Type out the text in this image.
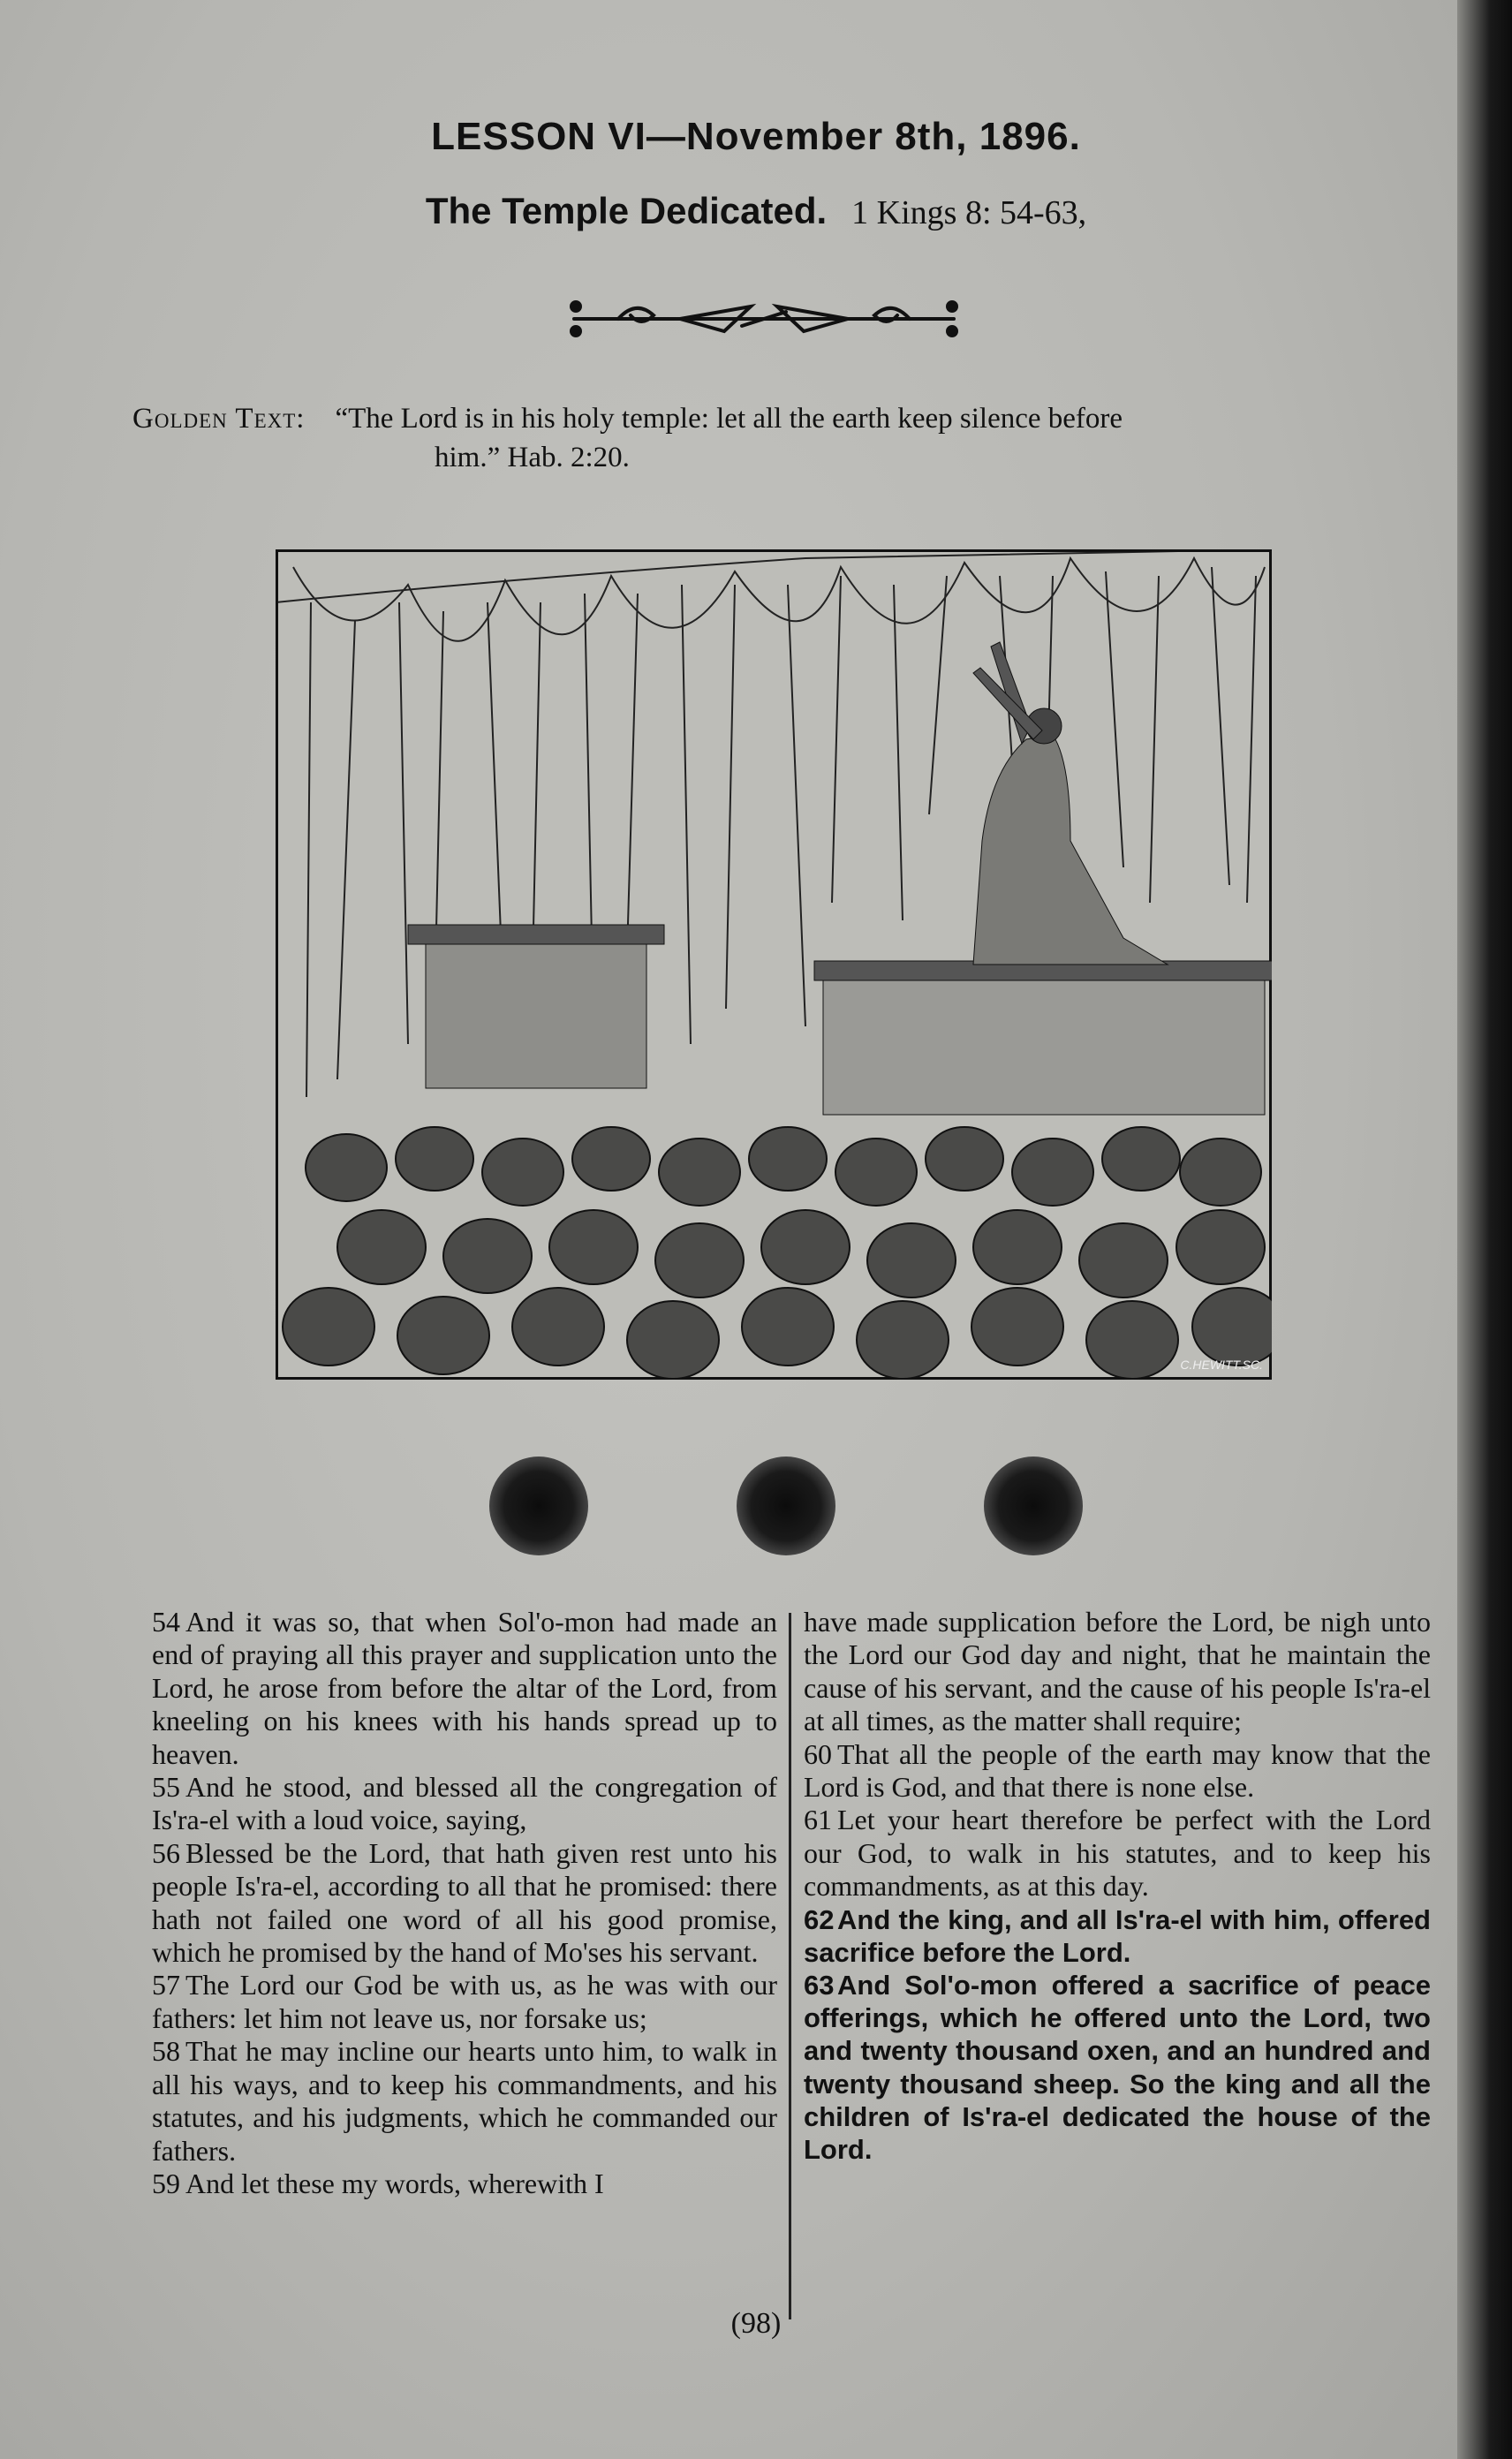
LESSON VI—November 8th, 1896.
The Temple Dedicated. 1 Kings 8: 54-63,
Golden Text: “The Lord is in his holy temple: let all the earth keep silence before
him.” Hab. 2:20.
C.HEWITT.SC.

54 And it was so, that when Sol'o-mon had made an end of praying all this prayer and supplication unto the Lord, he arose from before the altar of the Lord, from kneeling on his knees with his hands spread up to heaven.

55 And he stood, and blessed all the congregation of Is'ra-el with a loud voice, saying,

56 Blessed be the Lord, that hath given rest unto his people Is'ra-el, according to all that he promised: there hath not failed one word of all his good promise, which he promised by the hand of Mo'ses his servant.

57 The Lord our God be with us, as he was with our fathers: let him not leave us, nor forsake us;

58 That he may incline our hearts unto him, to walk in all his ways, and to keep his commandments, and his statutes, and his judgments, which he commanded our fathers.

59 And let these my words, wherewith I

have made supplication before the Lord, be nigh unto the Lord our God day and night, that he maintain the cause of his servant, and the cause of his people Is'ra-el at all times, as the matter shall require;

60 That all the people of the earth may know that the Lord is God, and that there is none else.

61 Let your heart therefore be perfect with the Lord our God, to walk in his statutes, and to keep his commandments, as at this day.

62 And the king, and all Is'ra-el with him, offered sacrifice before the Lord.

63 And Sol'o-mon offered a sacrifice of peace offerings, which he offered unto the Lord, two and twenty thousand oxen, and an hundred and twenty thousand sheep. So the king and all the children of Is'ra-el dedicated the house of the Lord.

(98)
